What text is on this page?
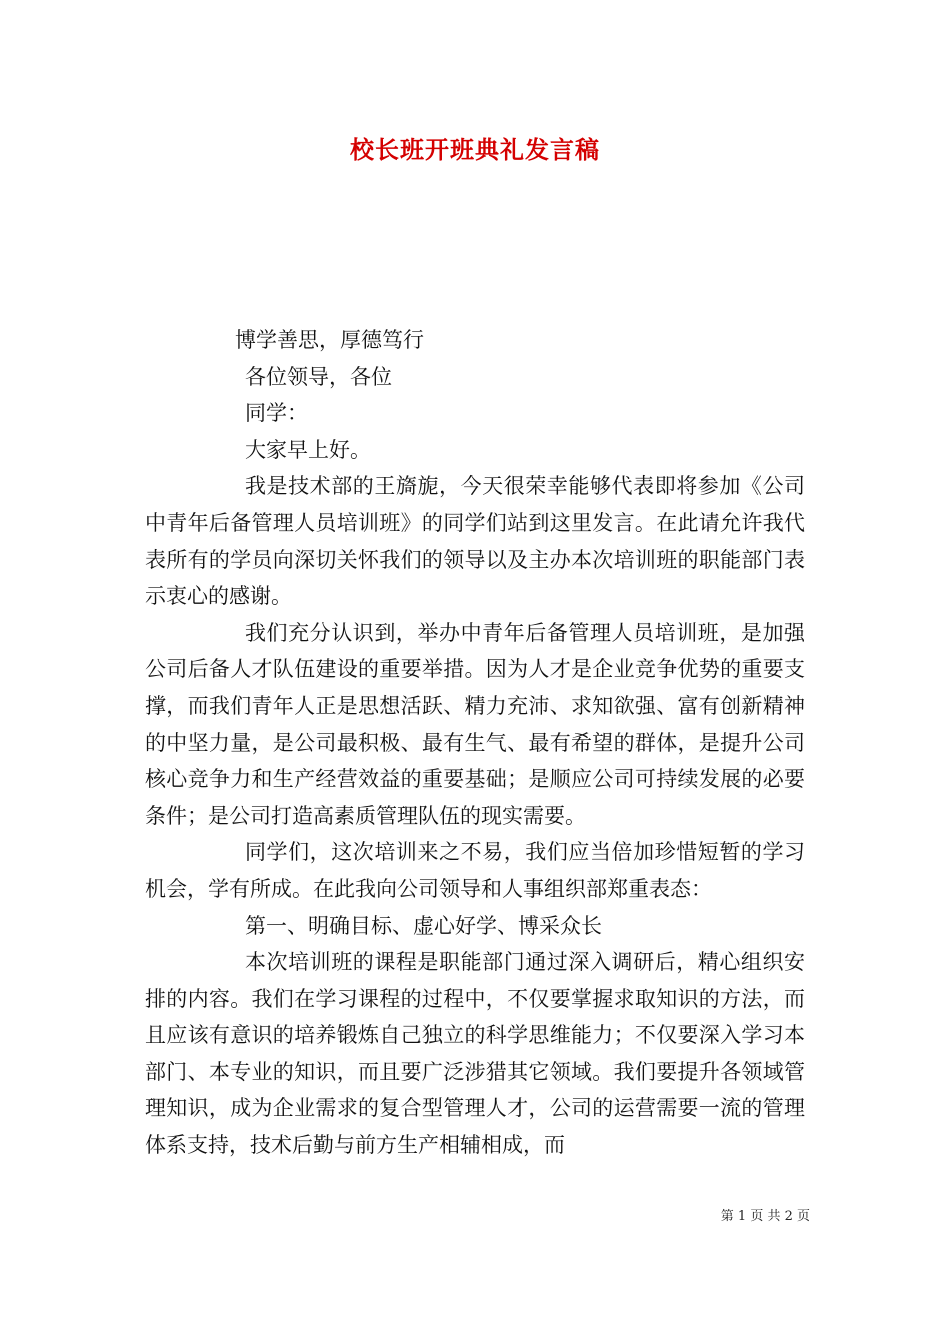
校长班开班典礼发言稿

博学善思，厚德笃行

各位领导，各位

同学：

大家早上好。

我是技术部的王旖旎，今天很荣幸能够代表即将参加《公司中青年后备管理人员培训班》的同学们站到这里发言。在此请允许我代表所有的学员向深切关怀我们的领导以及主办本次培训班的职能部门表示衷心的感谢。

我们充分认识到，举办中青年后备管理人员培训班，是加强公司后备人才队伍建设的重要举措。因为人才是企业竞争优势的重要支撑，而我们青年人正是思想活跃、精力充沛、求知欲强、富有创新精神的中坚力量，是公司最积极、最有生气、最有希望的群体，是提升公司核心竞争力和生产经营效益的重要基础；是顺应公司可持续发展的必要条件；是公司打造高素质管理队伍的现实需要。

同学们，这次培训来之不易，我们应当倍加珍惜短暂的学习机会，学有所成。在此我向公司领导和人事组织部郑重表态：

第一、明确目标、虚心好学、博采众长

本次培训班的课程是职能部门通过深入调研后，精心组织安排的内容。我们在学习课程的过程中，不仅要掌握求取知识的方法，而且应该有意识的培养锻炼自己独立的科学思维能力；不仅要深入学习本部门、本专业的知识，而且要广泛涉猎其它领域。我们要提升各领域管理知识，成为企业需求的复合型管理人才，公司的运营需要一流的管理体系支持，技术后勤与前方生产相辅相成，而

第 1 页 共 2 页
